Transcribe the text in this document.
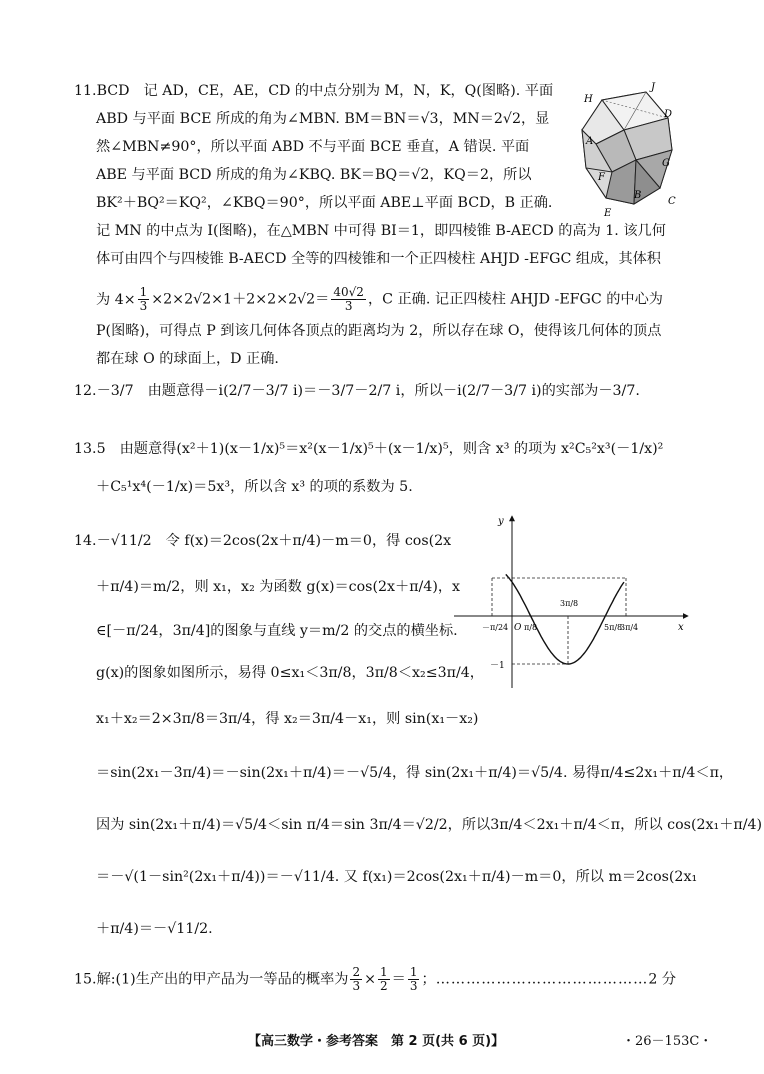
11.BCD 记 AD，CE，AE，CD 的中点分别为 M，N，K，Q(图略). 平面
ABD 与平面 BCE 所成的角为∠MBN. BM＝BN＝√3，MN＝2√2，显
然∠MBN≠90°，所以平面 ABD 不与平面 BCE 垂直，A 错误. 平面
ABE 与平面 BCD 所成的角为∠KBQ. BK＝BQ＝√2，KQ＝2，所以
BK²＋BQ²＝KQ²，∠KBQ＝90°，所以平面 ABE⊥平面 BCD，B 正确.
记 MN 的中点为 I(图略)，在△MBN 中可得 BI＝1，即四棱锥 B-AECD 的高为 1. 该几何
体可由四个与四棱锥 B-AECD 全等的四棱锥和一个正四棱柱 AHJD -EFGC 组成，其体积
为 $4\times \frac{1}{3} \times 2\times 2√2\times 1+2\times 2\times 2√2= \frac{40√2}{3}$ ，C 正确. 记正四棱柱 AHJD -EFGC 的中心为
P(图略)，可得点 P 到该几何体各顶点的距离均为 2，所以存在球 O，使得该几何体的顶点
都在球 O 的球面上，D 正确.
H
J
D
A
G
F
B
C
E
12.－3/7 由题意得－i(2/7－3/7 i)＝－3/7－2/7 i，所以－i(2/7－3/7 i)的实部为－3/7.
13.5 由题意得(x²＋1)(x－1/x)⁵＝x²(x－1/x)⁵＋(x－1/x)⁵，则含 x³ 的项为 x²C₅²x³(－1/x)²
＋C₅¹x⁴(－1/x)＝5x³，所以含 x³ 的项的系数为 5.
14.－√11/2 令 f(x)＝2cos(2x＋π/4)－m＝0，得 cos(2x
＋π/4)＝m/2，则 x₁，x₂ 为函数 g(x)＝cos(2x＋π/4)，x
∈[－π/24，3π/4]的图象与直线 y＝m/2 的交点的横坐标.
g(x)的图象如图所示，易得 0≤x₁＜3π/8，3π/8＜x₂≤3π/4，
x₁＋x₂＝2×3π/8＝3π/4，得 x₂＝3π/4－x₁，则 sin(x₁－x₂)
＝sin(2x₁－3π/4)＝－sin(2x₁＋π/4)＝－√5/4，得 sin(2x₁＋π/4)＝√5/4. 易得π/4≤2x₁＋π/4＜π，
因为 sin(2x₁＋π/4)＝√5/4＜sin π/4＝sin 3π/4＝√2/2，所以3π/4＜2x₁＋π/4＜π，所以 cos(2x₁＋π/4)
＝－√(1－sin²(2x₁＋π/4))＝－√11/4. 又 f(x₁)＝2cos(2x₁＋π/4)－m＝0，所以 m＝2cos(2x₁
＋π/4)＝－√11/2.
y
x
－π/24 O π/8
3π/8
5π/8
3π/4
－1
15.解:(1)生产出的甲产品为一等品的概率为 $\frac{2}{3} \times \frac{1}{2} = \frac{1}{3}$ ；……………………………………2 分
【高三数学・参考答案　第 2 页(共 6 页)】	・26－153C・
